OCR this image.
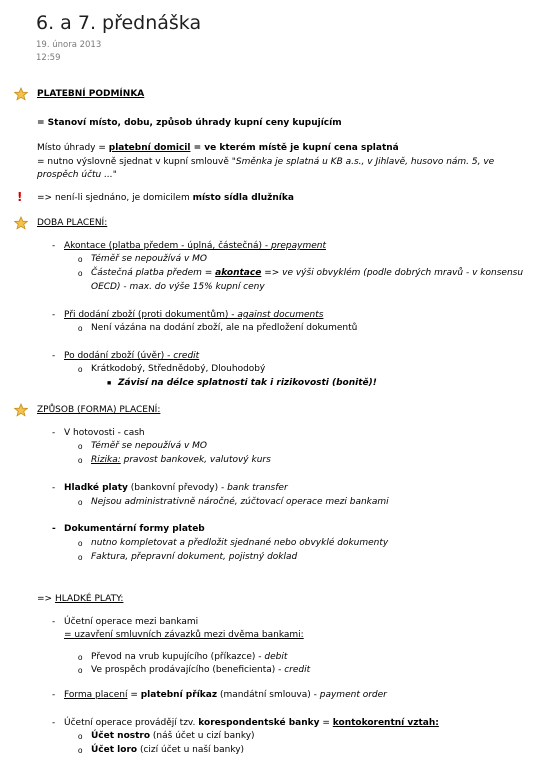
6. a 7. přednáška
19. února 2013
12:59
PLATEBNÍ PODMÍNKA
= Stanoví místo, dobu, způsob úhrady kupní ceny kupujícím
Místo úhrady = platební domicil = ve kterém místě je kupní cena splatná
= nutno výslovně sjednat v kupní smlouvě "Směnka je splatná u KB a.s., v Jihlavě, husovo nám. 5, ve
prospěch účtu ..."
! => není-li sjednáno, je domicilem místo sídla dlužníka
DOBA PLACENÍ:
- Akontace (platba předem - úplná, částečná) - prepayment
o Téměř se nepoužívá v MO
o Částečná platba předem = akontace => ve výši obvyklém (podle dobrých mravů - v konsensu
OECD) - max. do výše 15% kupní ceny
- Při dodání zboží (proti dokumentům) - against documents
o Není vázána na dodání zboží, ale na předložení dokumentů
- Po dodání zboží (úvěr) - credit
o Krátkodobý, Střednědobý, Dlouhodobý
■ Závisí na délce splatnosti tak i rizikovosti (bonitě)!
ZPŮSOB (FORMA) PLACENÍ:
- V hotovosti - cash
o Téměř se nepoužívá v MO
o Rizika: pravost bankovek, valutový kurs
- Hladké platy (bankovní převody) - bank transfer
o Nejsou administrativně náročné, zúčtovací operace mezi bankami
- Dokumentární formy plateb
o nutno kompletovat a předložit sjednané nebo obvyklé dokumenty
o Faktura, přepravní dokument, pojistný doklad
=> HLADKÉ PLATY:
- Účetní operace mezi bankami
= uzavření smluvních závazků mezi dvěma bankami:
o Převod na vrub kupujícího (příkazce) - debit
o Ve prospěch prodávajícího (beneficienta) - credit
- Forma placení = platební příkaz (mandátní smlouva) - payment order
- Účetní operace provádějí tzv. korespondentské banky = kontokorentní vztah:
o Účet nostro (náš účet u cizí banky)
o Účet loro (cizí účet u naší banky)
